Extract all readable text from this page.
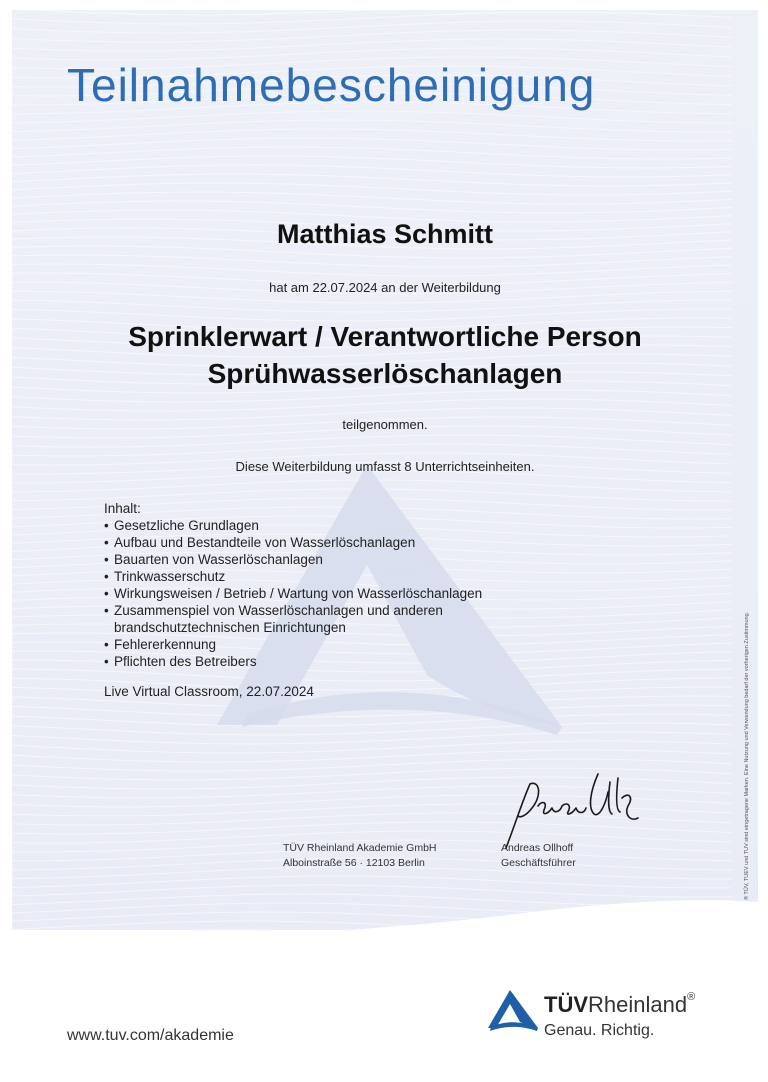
Teilnahmebescheinigung
Matthias Schmitt
hat am 22.07.2024 an der Weiterbildung
Sprinklerwart / Verantwortliche Person
Sprühwasserlöschanlagen
teilgenommen.
Diese Weiterbildung umfasst 8 Unterrichtseinheiten.
Inhalt:
• Gesetzliche Grundlagen
• Aufbau und Bestandteile von Wasserlöschanlagen
• Bauarten von Wasserlöschanlagen
• Trinkwasserschutz
• Wirkungsweisen / Betrieb / Wartung von Wasserlöschanlagen
• Zusammenspiel von Wasserlöschanlagen und anderen brandschutztechnischen Einrichtungen
• Fehlererkennung
• Pflichten des Betreibers
Live Virtual Classroom, 22.07.2024
TÜV Rheinland Akademie GmbH
Alboinstraße 56 · 12103 Berlin
Andreas Ollhoff
Geschäftsführer	® TÜV, TUEV und TUV sind eingetragene Marken. Eine Nutzung und Verwendung bedarf der vorherigen Zustimmung.
www.tuv.com/akademie
TÜVRheinland®
Genau. Richtig.
